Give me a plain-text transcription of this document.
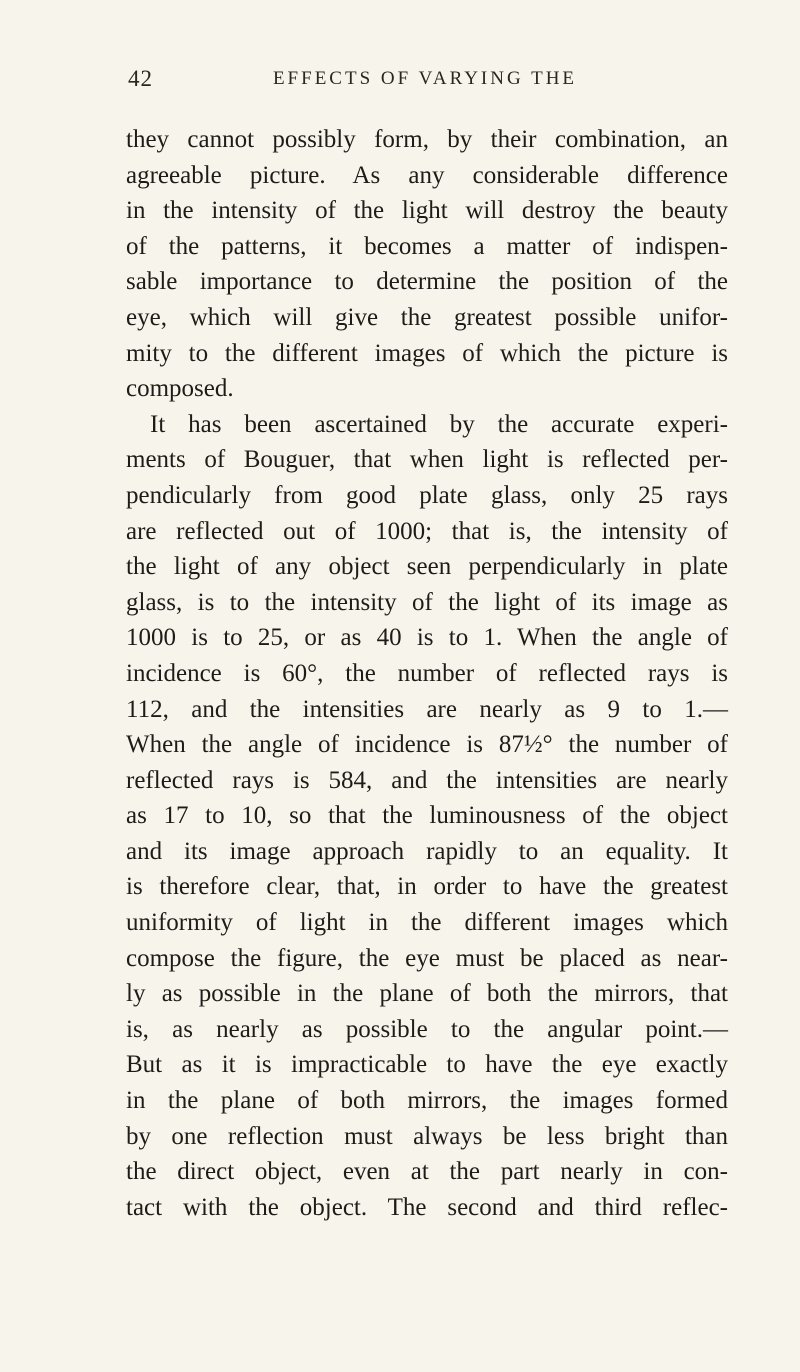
42	EFFECTS OF VARYING THE
they cannot possibly form, by their combination, an
agreeable picture. As any considerable difference
in the intensity of the light will destroy the beauty
of the patterns, it becomes a matter of indispen-
sable importance to determine the position of the
eye, which will give the greatest possible unifor-
mity to the different images of which the picture is
composed.
It has been ascertained by the accurate experi-
ments of Bouguer, that when light is reflected per-
pendicularly from good plate glass, only 25 rays
are reflected out of 1000; that is, the intensity of
the light of any object seen perpendicularly in plate
glass, is to the intensity of the light of its image as
1000 is to 25, or as 40 is to 1. When the angle of
incidence is 60°, the number of reflected rays is
112, and the intensities are nearly as 9 to 1.—
When the angle of incidence is 87½° the number of
reflected rays is 584, and the intensities are nearly
as 17 to 10, so that the luminousness of the object
and its image approach rapidly to an equality. It
is therefore clear, that, in order to have the greatest
uniformity of light in the different images which
compose the figure, the eye must be placed as near-
ly as possible in the plane of both the mirrors, that
is, as nearly as possible to the angular point.—
But as it is impracticable to have the eye exactly
in the plane of both mirrors, the images formed
by one reflection must always be less bright than
the direct object, even at the part nearly in con-
tact with the object. The second and third reflec-
